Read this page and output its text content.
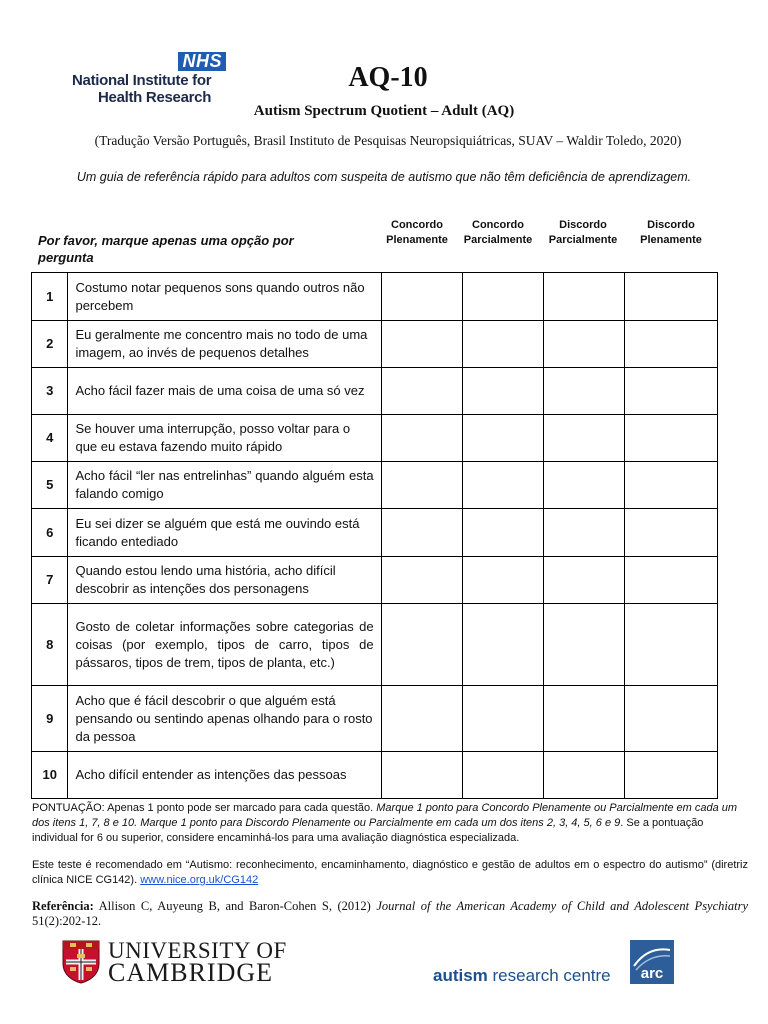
NHS
National Institute for
Health Research
AQ-10
Autism Spectrum Quotient – Adult (AQ)
(Tradução Versão Português, Brasil Instituto de Pesquisas Neuropsiquiátricas, SUAV – Waldir Toledo, 2020)
Um guia de referência rápido para adultos com suspeita de autismo que não têm deficiência de aprendizagem.
Por favor, marque apenas uma opção por pergunta
Concordo
Plenamente
Concordo
Parcialmente
Discordo
Parcialmente
Discordo
Plenamente
1	Costumo notar pequenos sons quando outros não percebem				
2	Eu geralmente me concentro mais no todo de uma imagem, ao invés de pequenos detalhes				
3	Acho fácil fazer mais de uma coisa de uma só vez				
4	Se houver uma interrupção, posso voltar para o que eu estava fazendo muito rápido				
5	Acho fácil “ler nas entrelinhas” quando alguém esta falando comigo				
6	Eu sei dizer se alguém que está me ouvindo está ficando entediado				
7	Quando estou lendo uma história, acho difícil descobrir as intenções dos personagens				
8	Gosto de coletar informações sobre categorias de coisas (por exemplo, tipos de carro, tipos de pássaros, tipos de trem, tipos de planta, etc.)				
9	Acho que é fácil descobrir o que alguém está pensando ou sentindo apenas olhando para o rosto da pessoa				
10	Acho difícil entender as intenções das pessoas				
PONTUAÇÃO: Apenas 1 ponto pode ser marcado para cada questão. Marque 1 ponto para Concordo Plenamente ou Parcialmente em cada um dos itens 1, 7, 8 e 10. Marque 1 ponto para Discordo Plenamente ou Parcialmente em cada um dos itens 2, 3, 4, 5, 6 e 9. Se a pontuação individual for 6 ou superior, considere encaminhá-los para uma avaliação diagnóstica especializada.
Este teste é recomendado em “Autismo: reconhecimento, encaminhamento, diagnóstico e gestão de adultos em o espectro do autismo” (diretriz clínica NICE CG142). www.nice.org.uk/CG142
Referência: Allison C, Auyeung B, and Baron-Cohen S, (2012) Journal of the American Academy of Child and Adolescent Psychiatry 51(2):202-12.
UNIVERSITY OF
CAMBRIDGE	autism research centre	arc
